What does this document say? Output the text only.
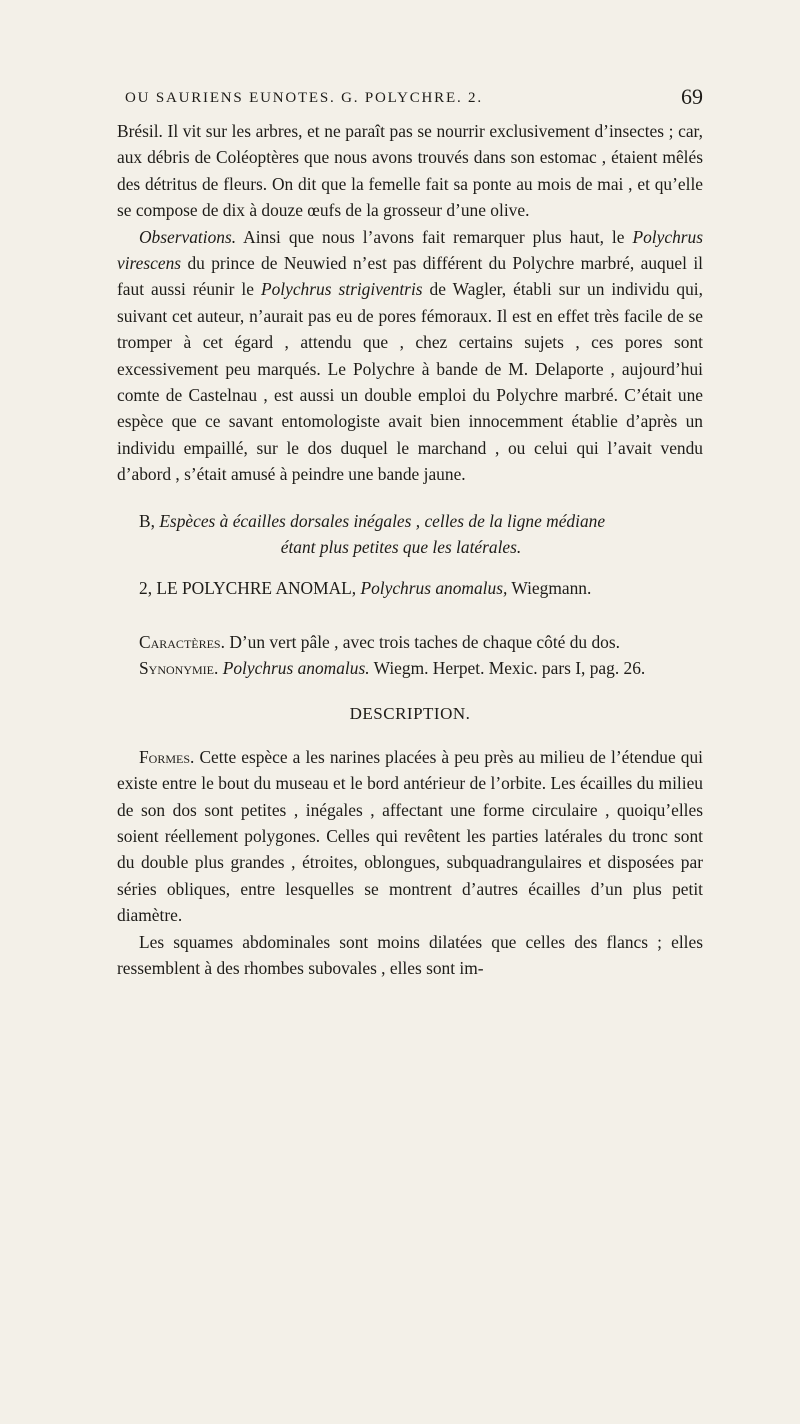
OU SAURIENS EUNOTES. G. POLYCHRE. 2.	69

Brésil. Il vit sur les arbres, et ne paraît pas se nourrir exclusivement d’insectes ; car, aux débris de Coléoptères que nous avons trouvés dans son estomac , étaient mêlés des détritus de fleurs. On dit que la femelle fait sa ponte au mois de mai , et qu’elle se compose de dix à douze œufs de la grosseur d’une olive.

Observations. Ainsi que nous l’avons fait remarquer plus haut, le Polychrus virescens du prince de Neuwied n’est pas différent du Polychre marbré, auquel il faut aussi réunir le Polychrus strigiventris de Wagler, établi sur un individu qui, suivant cet auteur, n’aurait pas eu de pores fémoraux. Il est en effet très facile de se tromper à cet égard , attendu que , chez certains sujets , ces pores sont excessivement peu marqués. Le Polychre à bande de M. Delaporte , aujourd’hui comte de Castelnau , est aussi un double emploi du Polychre marbré. C’était une espèce que ce savant entomologiste avait bien innocemment établie d’après un individu empaillé, sur le dos duquel le marchand , ou celui qui l’avait vendu d’abord , s’était amusé à peindre une bande jaune.

B, Espèces à écailles dorsales inégales , celles de la ligne médiane
étant plus petites que les latérales.

2, LE POLYCHRE ANOMAL, Polychrus anomalus, Wiegmann.

Caractères. D’un vert pâle , avec trois taches de chaque côté du dos.

Synonymie. Polychrus anomalus. Wiegm. Herpet. Mexic. pars I, pag. 26.

DESCRIPTION.

Formes. Cette espèce a les narines placées à peu près au milieu de l’étendue qui existe entre le bout du museau et le bord antérieur de l’orbite. Les écailles du milieu de son dos sont petites , inégales , affectant une forme circulaire , quoiqu’elles soient réellement polygones. Celles qui revêtent les parties latérales du tronc sont du double plus grandes , étroites, oblongues, subquadrangulaires et disposées par séries obliques, entre lesquelles se montrent d’autres écailles d’un plus petit diamètre.

Les squames abdominales sont moins dilatées que celles des flancs ; elles ressemblent à des rhombes subovales , elles sont im-
